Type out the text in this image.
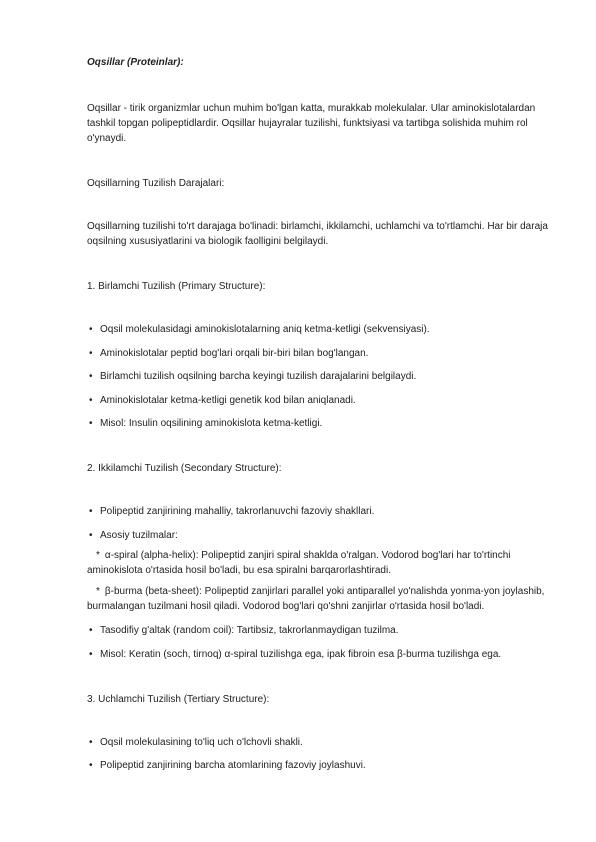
Oqsillar (Proteinlar):

Oqsillar - tirik organizmlar uchun muhim bo'lgan katta, murakkab molekulalar. Ular aminokislotalardan tashkil topgan polipeptidlardir. Oqsillar hujayralar tuzilishi, funktsiyasi va tartibga solishida muhim rol o'ynaydi.

Oqsillarning Tuzilish Darajalari:

Oqsillarning tuzilishi to'rt darajaga bo'linadi: birlamchi, ikkilamchi, uchlamchi va to'rtlamchi. Har bir daraja oqsilning xususiyatlarini va biologik faolligini belgilaydi.

1. Birlamchi Tuzilish (Primary Structure):

• Oqsil molekulasidagi aminokislotalarning aniq ketma-ketligi (sekvensiyasi).
• Aminokislotalar peptid bog'lari orqali bir-biri bilan bog'langan.
• Birlamchi tuzilish oqsilning barcha keyingi tuzilish darajalarini belgilaydi.
• Aminokislotalar ketma-ketligi genetik kod bilan aniqlanadi.
• Misol: Insulin oqsilining aminokislota ketma-ketligi.

2. Ikkilamchi Tuzilish (Secondary Structure):

• Polipeptid zanjirining mahalliy, takrorlanuvchi fazoviy shakllari.
• Asosiy tuzilmalar:

* α-spiral (alpha-helix): Polipeptid zanjiri spiral shaklda o'ralgan. Vodorod bog'lari har to'rtinchi aminokislota o'rtasida hosil bo'ladi, bu esa spiralni barqarorlashtiradi.

* β-burma (beta-sheet): Polipeptid zanjirlari parallel yoki antiparallel yo'nalishda yonma-yon joylashib, burmalangan tuzilmani hosil qiladi. Vodorod bog'lari qo'shni zanjirlar o'rtasida hosil bo'ladi.

• Tasodifiy g'altak (random coil): Tartibsiz, takrorlanmaydigan tuzilma.
• Misol: Keratin (soch, tirnoq) α-spiral tuzilishga ega, ipak fibroin esa β-burma tuzilishga ega.

3. Uchlamchi Tuzilish (Tertiary Structure):

• Oqsil molekulasining to'liq uch o'lchovli shakli.
• Polipeptid zanjirining barcha atomlarining fazoviy joylashuvi.
